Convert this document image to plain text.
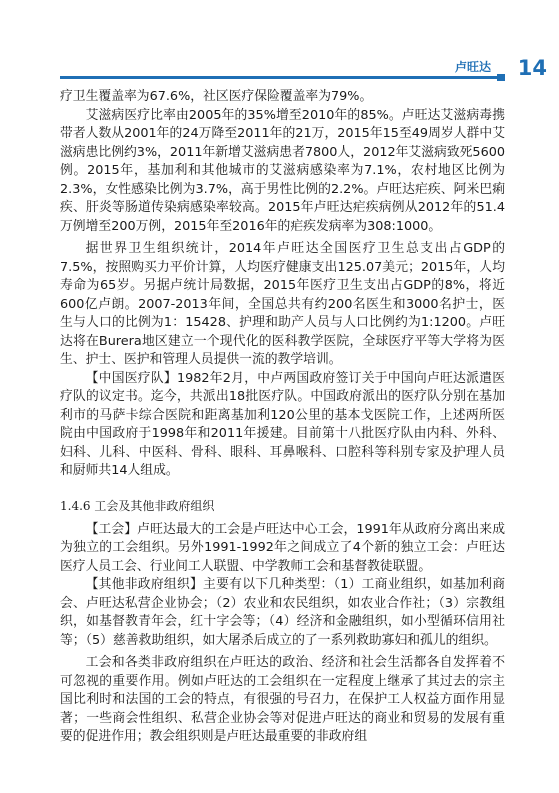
卢旺达 14

疗卫生覆盖率为67.6%，社区医疗保险覆盖率为79%。

艾滋病医疗比率由2005年的35%增至2010年的85%。卢旺达艾滋病毒携带者人数从2001年的24万降至2011年的21万，2015年15至49周岁人群中艾滋病患比例约3%，2011年新增艾滋病患者7800人，2012年艾滋病致死5600例。2015年，基加利和其他城市的艾滋病感染率为7.1%，农村地区比例为2.3%，女性感染比例为3.7%，高于男性比例的2.2%。卢旺达疟疾、阿米巴痢疾、肝炎等肠道传染病感染率较高。2015年卢旺达疟疾病例从2012年的51.4万例增至200万例，2015年至2016年的疟疾发病率为308:1000。

据世界卫生组织统计，2014年卢旺达全国医疗卫生总支出占GDP的7.5%，按照购买力平价计算，人均医疗健康支出125.07美元；2015年，人均寿命为65岁。另据卢统计局数据，2015年医疗卫生支出占GDP的8%，将近600亿卢朗。2007-2013年间，全国总共有约200名医生和3000名护士，医生与人口的比例为1：15428、护理和助产人员与人口比例约为1:1200。卢旺达将在Burera地区建立一个现代化的医科教学医院，全球医疗平等大学将为医生、护士、医护和管理人员提供一流的教学培训。

【中国医疗队】1982年2月，中卢两国政府签订关于中国向卢旺达派遣医疗队的议定书。迄今，共派出18批医疗队。中国政府派出的医疗队分别在基加利市的马萨卡综合医院和距离基加利120公里的基本戈医院工作，上述两所医院由中国政府于1998年和2011年援建。目前第十八批医疗队由内科、外科、妇科、儿科、中医科、骨科、眼科、耳鼻喉科、口腔科等科别专家及护理人员和厨师共14人组成。

1.4.6 工会及其他非政府组织

【工会】卢旺达最大的工会是卢旺达中心工会，1991年从政府分离出来成为独立的工会组织。另外1991-1992年之间成立了4个新的独立工会：卢旺达医疗人员工会、行业间工人联盟、中学教师工会和基督教徒联盟。

【其他非政府组织】主要有以下几种类型：（1）工商业组织，如基加利商会、卢旺达私营企业协会；（2）农业和农民组织，如农业合作社；（3）宗教组织，如基督教青年会，红十字会等；（4）经济和金融组织，如小型循环信用社等；（5）慈善救助组织，如大屠杀后成立的了一系列救助寡妇和孤儿的组织。

工会和各类非政府组织在卢旺达的政治、经济和社会生活都各自发挥着不可忽视的重要作用。例如卢旺达的工会组织在一定程度上继承了其过去的宗主国比利时和法国的工会的特点，有很强的号召力，在保护工人权益方面作用显著；一些商会性组织、私营企业协会等对促进卢旺达的商业和贸易的发展有重要的促进作用；教会组织则是卢旺达最重要的非政府组
